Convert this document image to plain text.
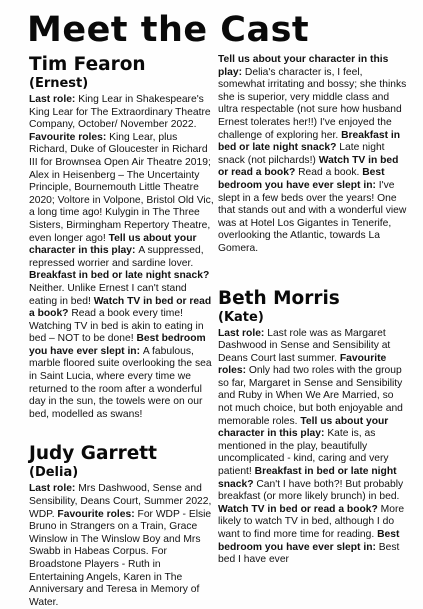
Meet the Cast
Tim Fearon
(Ernest)

Last role: King Lear in Shakespeare's King Lear for The Extraordinary Theatre Company, October/ November 2022. Favourite roles: King Lear, plus Richard, Duke of Gloucester in Richard III for Brownsea Open Air Theatre 2019; Alex in Heisenberg – The Uncertainty Principle, Bournemouth Little Theatre 2020; Voltore in Volpone, Bristol Old Vic, a long time ago! Kulygin in The Three Sisters, Birmingham Repertory Theatre, even longer ago! Tell us about your character in this play: A suppressed, repressed worrier and sardine lover. Breakfast in bed or late night snack? Neither. Unlike Ernest I can't stand eating in bed! Watch TV in bed or read a book? Read a book every time! Watching TV in bed is akin to eating in bed – NOT to be done! Best bedroom you have ever slept in: A fabulous, marble floored suite overlooking the sea in Saint Lucia, where every time we returned to the room after a wonderful day in the sun, the towels were on our bed, modelled as swans!

Judy Garrett
(Delia)

Last role: Mrs Dashwood, Sense and Sensibility, Deans Court, Summer 2022, WDP. Favourite roles: For WDP - Elsie Bruno in Strangers on a Train, Grace Winslow in The Winslow Boy and Mrs Swabb in Habeas Corpus. For Broadstone Players - Ruth in Entertaining Angels, Karen in The Anniversary and Teresa in Memory of Water.

Tell us about your character in this play: Delia's character is, I feel, somewhat irritating and bossy; she thinks she is superior, very middle class and ultra respectable (not sure how husband Ernest tolerates her!!) I've enjoyed the challenge of exploring her. Breakfast in bed or late night snack? Late night snack (not pilchards!) Watch TV in bed or read a book? Read a book. Best bedroom you have ever slept in: I've slept in a few beds over the years! One that stands out and with a wonderful view was at Hotel Los Gigantes in Tenerife, overlooking the Atlantic, towards La Gomera.

Beth Morris
(Kate)

Last role: Last role was as Margaret Dashwood in Sense and Sensibility at Deans Court last summer. Favourite roles: Only had two roles with the group so far, Margaret in Sense and Sensibility and Ruby in When We Are Married, so not much choice, but both enjoyable and memorable roles. Tell us about your character in this play: Kate is, as mentioned in the play, beautifully uncomplicated - kind, caring and very patient! Breakfast in bed or late night snack? Can't I have both?! But probably breakfast (or more likely brunch) in bed. Watch TV in bed or read a book? More likely to watch TV in bed, although I do want to find more time for reading. Best bedroom you have ever slept in: Best bed I have ever
